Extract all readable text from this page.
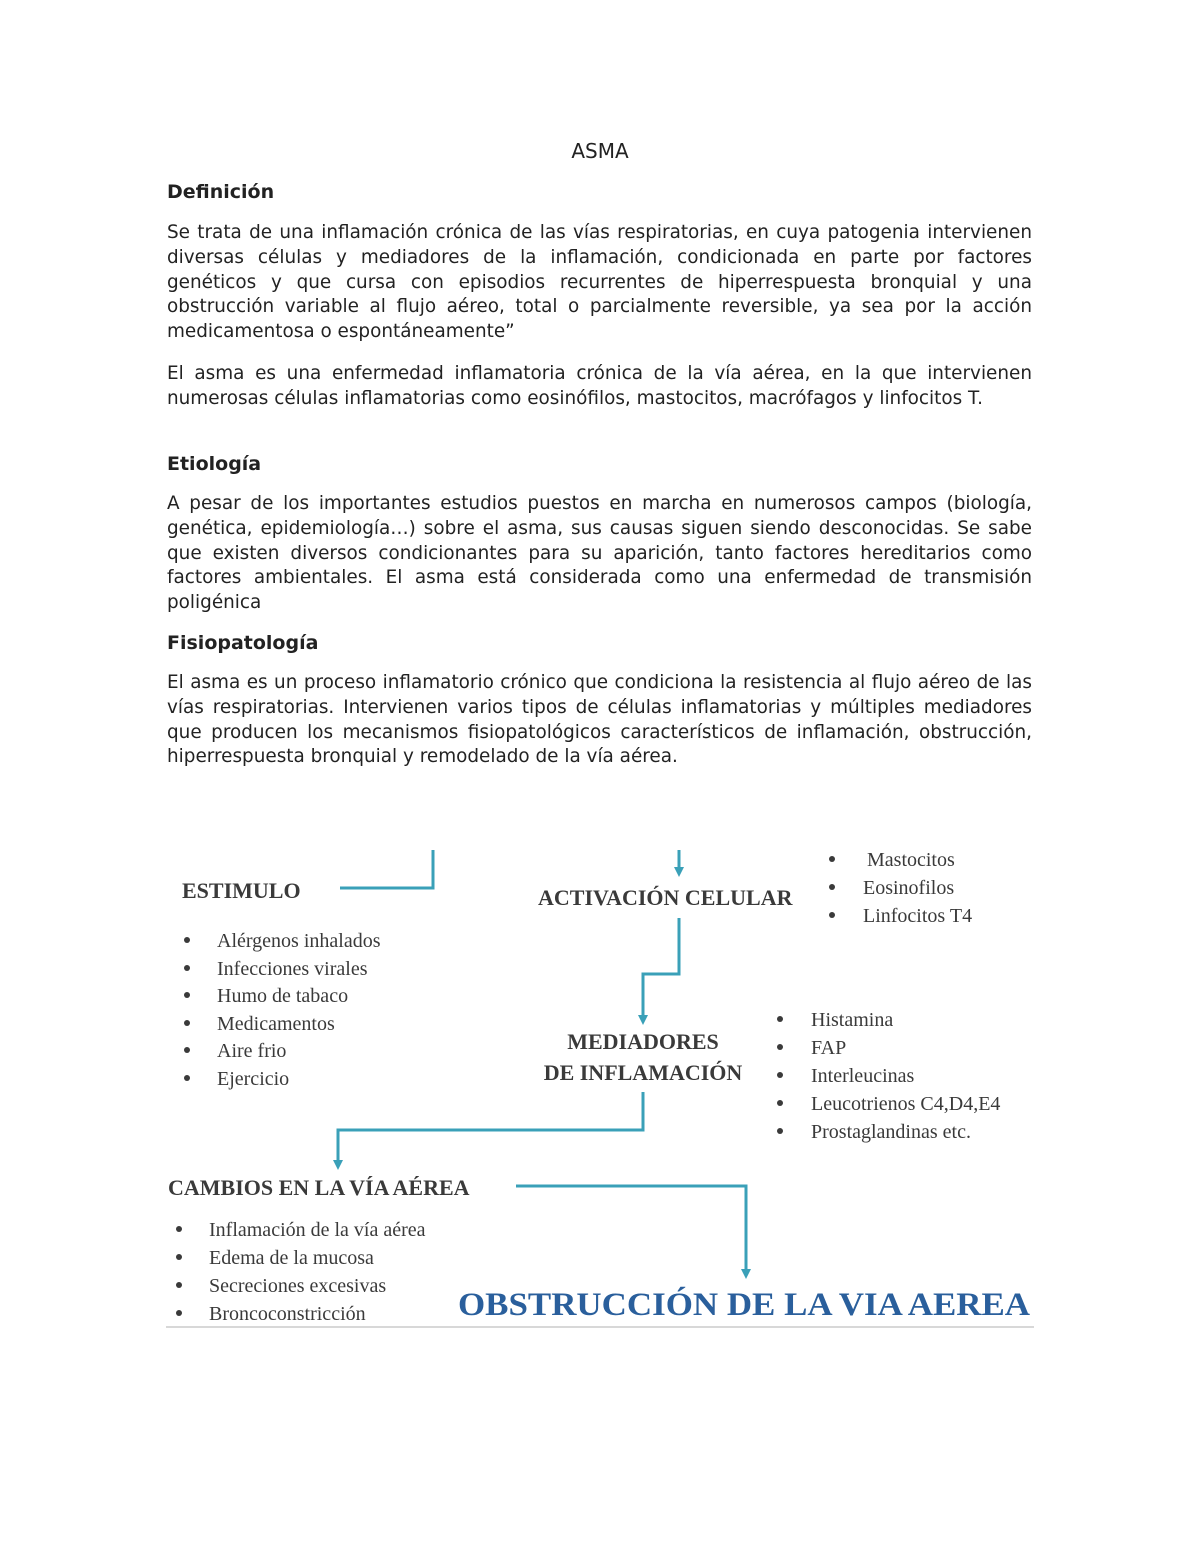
ASMA
Definición

Se trata de una inflamación crónica de las vías respiratorias, en cuya patogenia intervienen diversas células y mediadores de la inflamación, condicionada en parte por factores genéticos y que cursa con episodios recurrentes de hiperrespuesta bronquial y una obstrucción variable al flujo aéreo, total o parcialmente reversible, ya sea por la acción medicamentosa o espontáneamente”

El asma es una enfermedad inflamatoria crónica de la vía aérea, en la que intervienen numerosas células inflamatorias como eosinófilos, mastocitos, macrófagos y linfocitos T.

Etiología

A pesar de los importantes estudios puestos en marcha en numerosos campos (biología, genética, epidemiología…) sobre el asma, sus causas siguen siendo desconocidas. Se sabe que existen diversos condicionantes para su aparición, tanto factores hereditarios como factores ambientales. El asma está considerada como una enfermedad de transmisión poligénica

Fisiopatología

El asma es un proceso inflamatorio crónico que condiciona la resistencia al flujo aéreo de las vías respiratorias. Intervienen varios tipos de células inflamatorias y múltiples mediadores que producen los mecanismos fisiopatológicos característicos de inflamación, obstrucción, hiperrespuesta bronquial y remodelado de la vía aérea.

ESTIMULO
Alérgenos inhalados
Infecciones virales
Humo de tabaco
Medicamentos
Aire frio
Ejercicio
ACTIVACIÓN CELULAR
Mastocitos
Eosinofilos
Linfocitos T4
MEDIADORES
DE INFLAMACIÓN
Histamina
FAP
Interleucinas
Leucotrienos C4,D4,E4
Prostaglandinas etc.
CAMBIOS EN LA VÍA AÉREA
Inflamación de la vía aérea
Edema de la mucosa
Secreciones excesivas
Broncoconstricción	OBSTRUCCIÓN DE LA VIA AEREA
